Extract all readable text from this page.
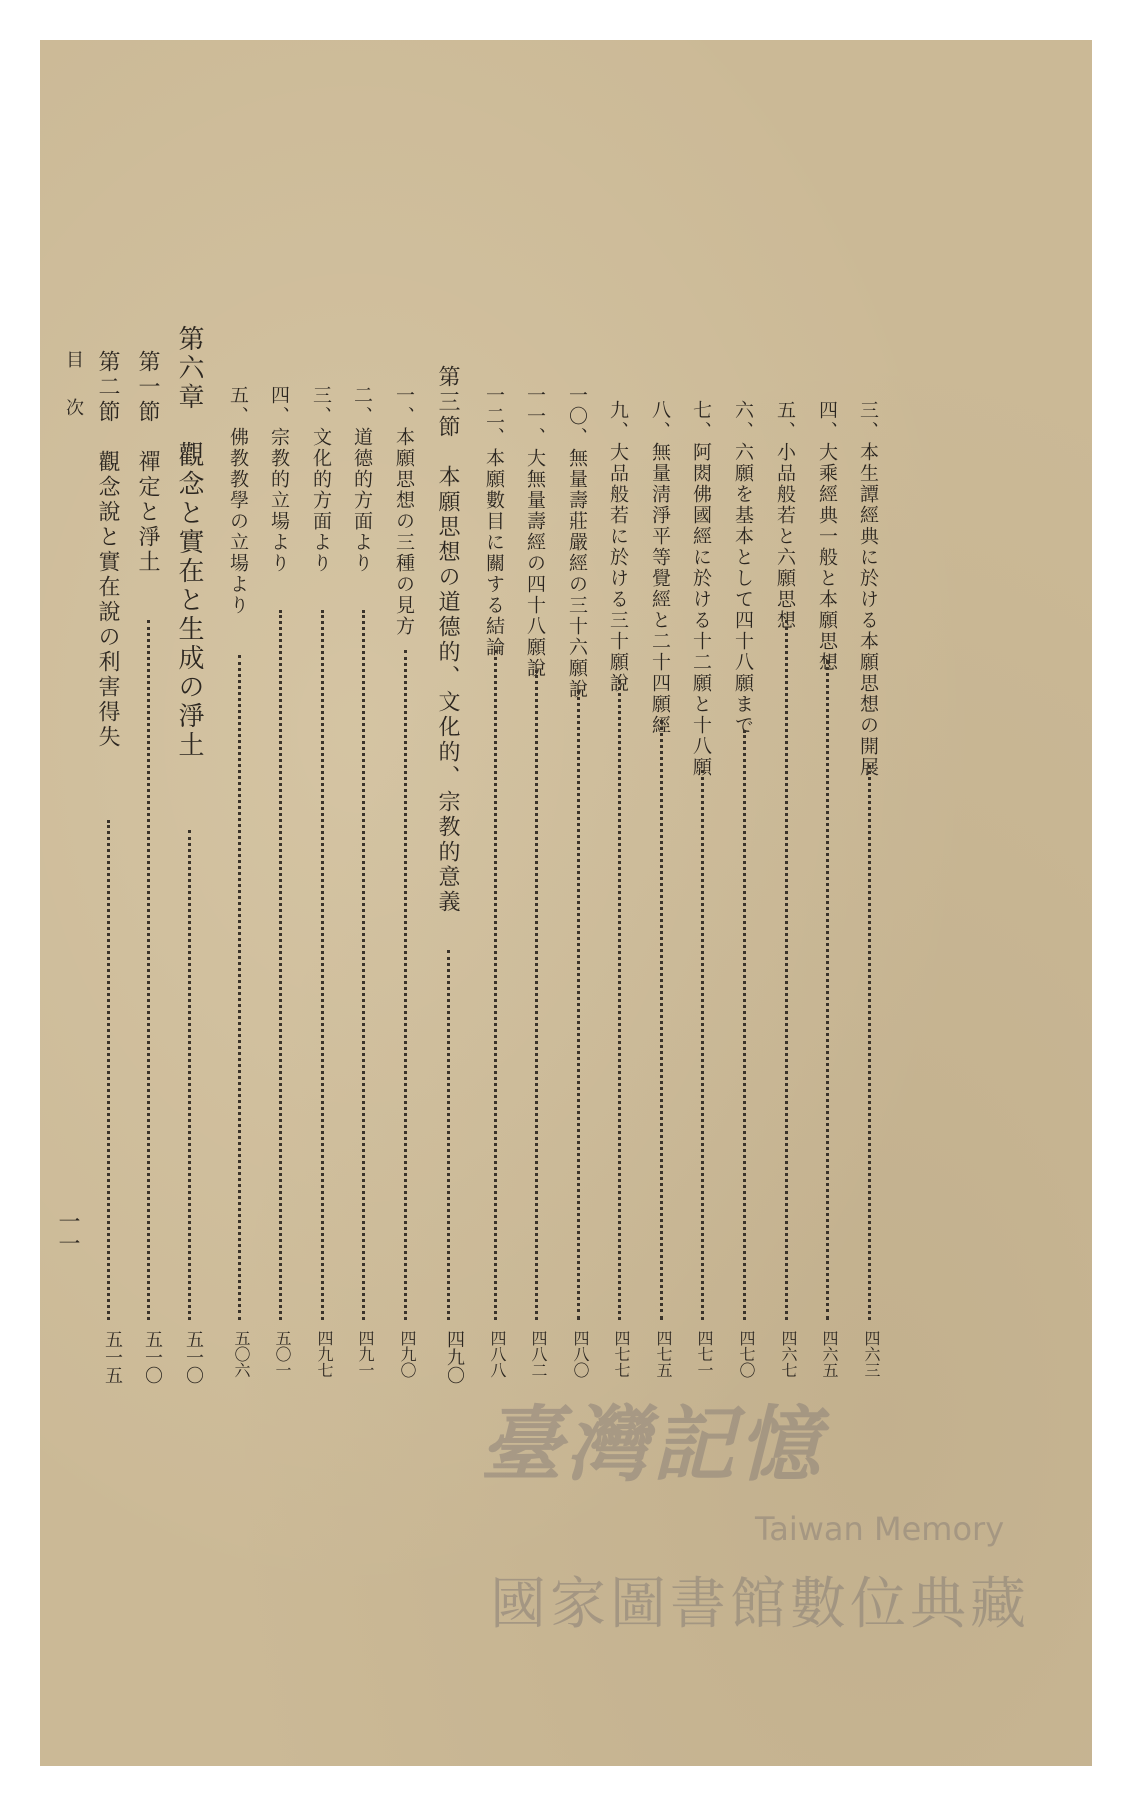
三、本生譚經典に於ける本願思想の開展
四六三
四、大乘經典一般と本願思想
四六五
五、小品般若と六願思想
四六七
六、六願を基本として四十八願まで
四七〇
七、阿閦佛國經に於ける十二願と十八願
四七一
八、無量淸淨平等覺經と二十四願經
四七五
九、大品般若に於ける三十願說
四七七
一〇、無量壽莊嚴經の三十六願說
四八〇
一一、大無量壽經の四十八願說
四八二
一二、本願數目に關する結論
四八八
第三節　本願思想の道德的、文化的、宗教的意義
四九〇
一、本願思想の三種の見方
四九〇
二、道德的方面より
四九一
三、文化的方面より
四九七
四、宗教的立場より
五〇一
五、佛教教學の立場より
五〇六
第六章　觀念と實在と生成の淨土
五一〇
第一節　禪定と淨土
五一〇
第二節　觀念說と實在說の利害得失
五一五
目次
一一
臺灣記憶
Taiwan Memory
國家圖書館數位典藏
